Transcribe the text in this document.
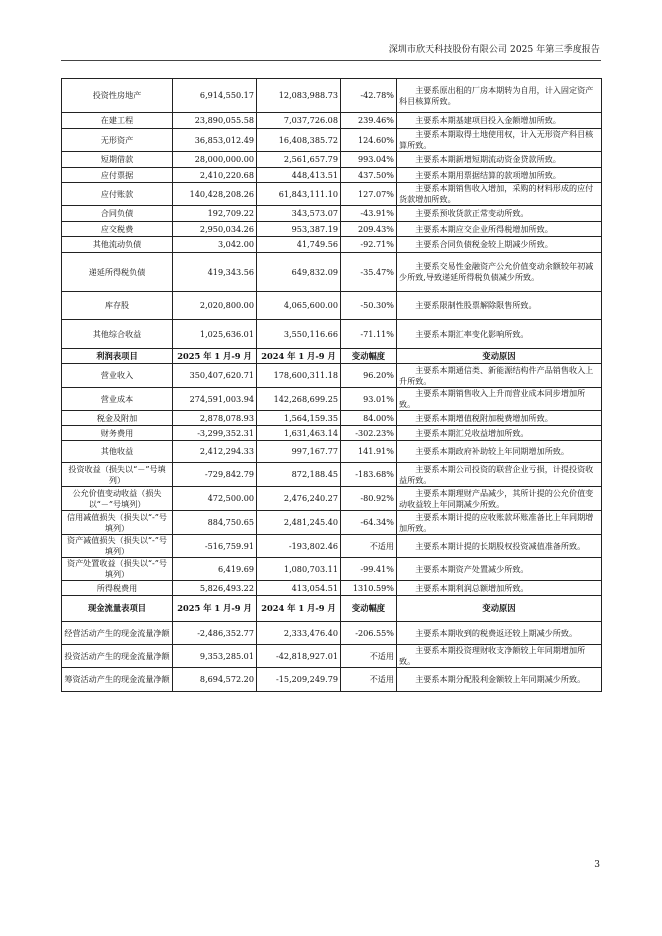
深圳市欣天科技股份有限公司 2025 年第三季度报告
投资性房地产	6,914,550.17	12,083,988.73	-42.78%	主要系原出租的厂房本期转为自用，计入固定资产科目核算所致。

在建工程	23,890,055.58	7,037,726.08	239.46%	主要系本期基建项目投入金额增加所致。

无形资产	36,853,012.49	16,408,385.72	124.60%	主要系本期取得土地使用权，计入无形资产科目核算所致。

短期借款	28,000,000.00	2,561,657.79	993.04%	主要系本期新增短期流动资金贷款所致。

应付票据	2,410,220.68	448,413.51	437.50%	主要系本期用票据结算的款项增加所致。

应付账款	140,428,208.26	61,843,111.10	127.07%	主要系本期销售收入增加，采购的材料形成的应付货款增加所致。

合同负债	192,709.22	343,573.07	-43.91%	主要系预收货款正常变动所致。

应交税费	2,950,034.26	953,387.19	209.43%	主要系本期应交企业所得税增加所致。

其他流动负债	3,042.00	41,749.56	-92.71%	主要系合同负债税金较上期减少所致。

递延所得税负债	419,343.56	649,832.09	-35.47%	主要系交易性金融资产公允价值变动余额较年初减少所致,导致递延所得税负债减少所致。

库存股	2,020,800.00	4,065,600.00	-50.30%	主要系限制性股票解除限售所致。

其他综合收益	1,025,636.01	3,550,116.66	-71.11%	主要系本期汇率变化影响所致。

利润表项目	2025 年 1 月-9 月	2024 年 1 月-9 月	变动幅度	变动原因
营业收入	350,407,620.71	178,600,311.18	96.20%	主要系本期通信类、新能源结构件产品销售收入上升所致。

营业成本	274,591,003.94	142,268,699.25	93.01%	主要系本期销售收入上升而营业成本同步增加所致。

税金及附加	2,878,078.93	1,564,159.35	84.00%	主要系本期增值税附加税费增加所致。

财务费用	-3,299,352.31	1,631,463.14	-302.23%	主要系本期汇兑收益增加所致。

其他收益	2,412,294.33	997,167.77	141.91%	主要系本期政府补助较上年同期增加所致。

投资收益（损失以“－”号填列）	-729,842.79	872,188.45	-183.68%	主要系本期公司投资的联营企业亏损，计提投资收益所致。

公允价值变动收益（损失以“－”号填列）	472,500.00	2,476,240.27	-80.92%	主要系本期理财产品减少，其所计提的公允价值变动收益较上年同期减少所致。

信用减值损失（损失以“-”号填列）	884,750.65	2,481,245.40	-64.34%	主要系本期计提的应收账款坏账准备比上年同期增加所致。

资产减值损失（损失以“-”号填列）	-516,759.91	-193,802.46	不适用	主要系本期计提的长期股权投资减值准备所致。

资产处置收益（损失以“-”号填列）	6,419.69	1,080,703.11	-99.41%	主要系本期资产处置减少所致。

所得税费用	5,826,493.22	413,054.51	1310.59%	主要系本期利润总额增加所致。

现金流量表项目	2025 年 1 月-9 月	2024 年 1 月-9 月	变动幅度	变动原因
经营活动产生的现金流量净额	-2,486,352.77	2,333,476.40	-206.55%	主要系本期收到的税费返还较上期减少所致。

投资活动产生的现金流量净额	9,353,285.01	-42,818,927.01	不适用	主要系本期投资理财收支净额较上年同期增加所致。

筹资活动产生的现金流量净额	8,694,572.20	-15,209,249.79	不适用	主要系本期分配股利金额较上年同期减少所致。
3
